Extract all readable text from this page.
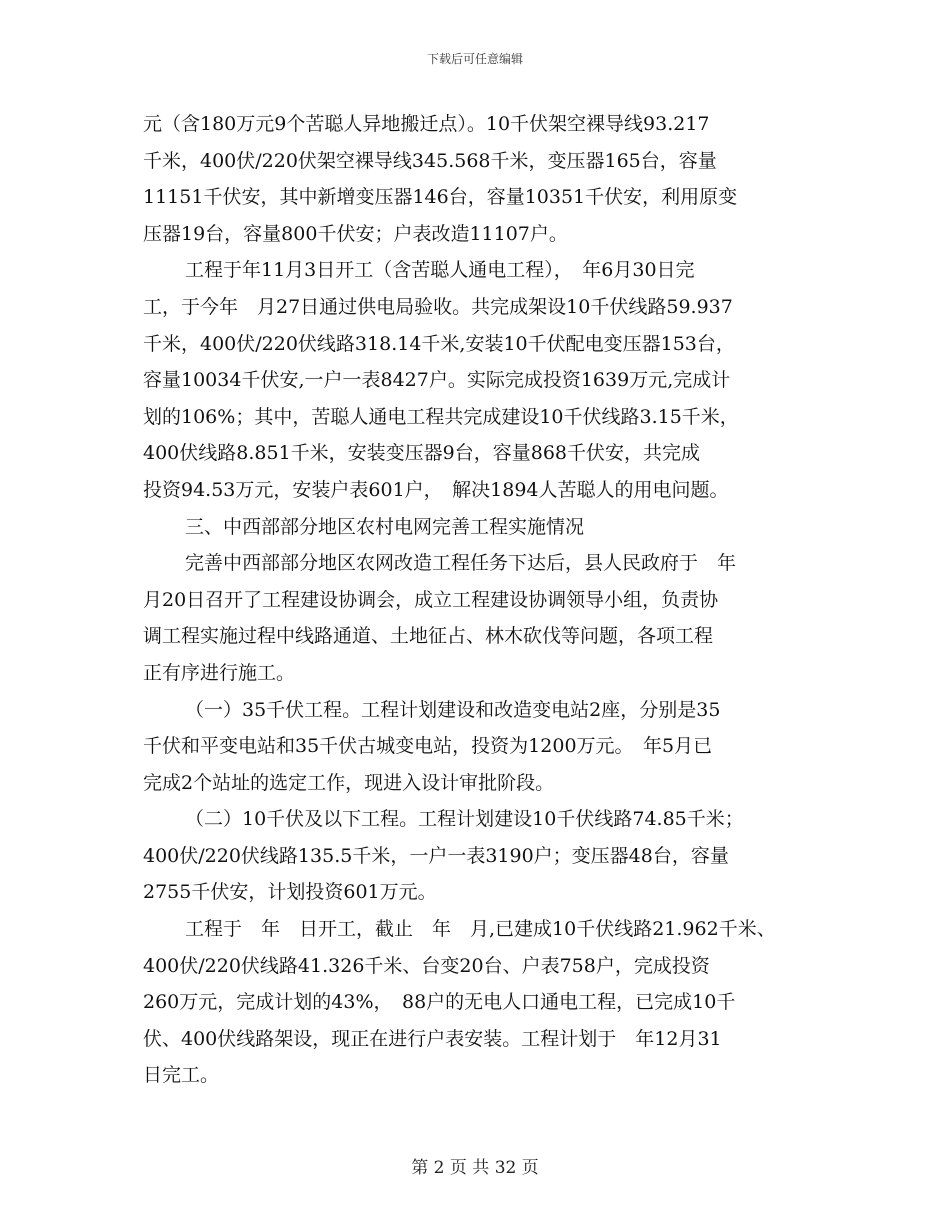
下载后可任意编辑
元（含180万元9个苦聪人异地搬迁点）。10千伏架空裸导线93.217
千米，400伏/220伏架空裸导线345.568千米，变压器165台，容量
11151千伏安，其中新增变压器146台，容量10351千伏安，利用原变
压器19台，容量800千伏安；户表改造11107户。
工程于年11月3日开工（含苦聪人通电工程），　年6月30日完
工，于今年　月27日通过供电局验收。共完成架设10千伏线路59.937
千米，400伏/220伏线路318.14千米,安装10千伏配电变压器153台，
容量10034千伏安,一户一表8427户。实际完成投资1639万元,完成计
划的106%；其中，苦聪人通电工程共完成建设10千伏线路3.15千米，
400伏线路8.851千米，安装变压器9台，容量868千伏安，共完成
投资94.53万元，安装户表601户，　解决1894人苦聪人的用电问题。
三、中西部部分地区农村电网完善工程实施情况
完善中西部部分地区农网改造工程任务下达后，县人民政府于　年
月20日召开了工程建设协调会，成立工程建设协调领导小组，负责协
调工程实施过程中线路通道、土地征占、林木砍伐等问题，各项工程
正有序进行施工。
（一）35千伏工程。工程计划建设和改造变电站2座，分别是35
千伏和平变电站和35千伏古城变电站，投资为1200万元。　年5月已
完成2个站址的选定工作，现进入设计审批阶段。
（二）10千伏及以下工程。工程计划建设10千伏线路74.85千米；
400伏/220伏线路135.5千米，一户一表3190户；变压器48台，容量
2755千伏安，计划投资601万元。
工程于　年　日开工，截止　年　月,已建成10千伏线路21.962千米、
400伏/220伏线路41.326千米、台变20台、户表758户，完成投资
260万元，完成计划的43%，　88户的无电人口通电工程，已完成10千
伏、400伏线路架设，现正在进行户表安装。工程计划于　年12月31
日完工。
第 2 页 共 32 页
